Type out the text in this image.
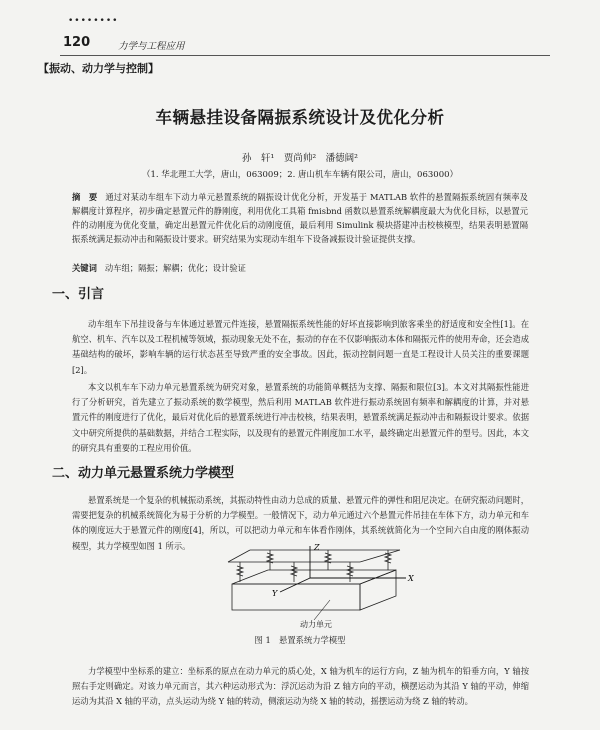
••••••••
120	力学与工程应用
【振动、动力学与控制】
车辆悬挂设备隔振系统设计及优化分析
孙　轩¹　贾尚帅²　潘德阔²
（1. 华北理工大学，唐山，063009；2. 唐山机车车辆有限公司，唐山，063000）
摘　要 通过对某动车组车下动力单元悬置系统的隔振设计优化分析，开发基于 MATLAB 软件的悬置隔振系统固有频率及解耦度计算程序，初步确定悬置元件的静刚度，利用优化工具箱 fmisbnd 函数以悬置系统解耦度最大为优化目标，以悬置元件的动刚度为优化变量，确定出悬置元件优化后的动刚度值，最后利用 Simulink 模块搭建冲击校核模型，结果表明悬置隔振系统满足振动冲击和隔振设计要求。研究结果为实现动车组车下设备减振设计验证提供支撑。
关键词 动车组；隔振；解耦；优化；设计验证
一、引言
动车组车下吊挂设备与车体通过悬置元件连接，悬置隔振系统性能的好坏直接影响到旅客乘坐的舒适度和安全性[1]。在航空、机车、汽车以及工程机械等领域，振动现象无处不在，振动的存在不仅影响振动本体和隔振元件的使用寿命，还会造成基础结构的破坏，影响车辆的运行状态甚至导致严重的安全事故。因此，振动控制问题一直是工程设计人员关注的重要课题[2]。
本文以机车车下动力单元悬置系统为研究对象，悬置系统的功能简单概括为支撑、隔振和限位[3]。本文对其隔振性能进行了分析研究，首先建立了振动系统的数学模型，然后利用 MATLAB 软件进行振动系统固有频率和解耦度的计算，并对悬置元件的刚度进行了优化，最后对优化后的悬置系统进行冲击校核，结果表明，悬置系统满足振动冲击和隔振设计要求。依据文中研究所提供的基础数据，并结合工程实际，以及现有的悬置元件刚度加工水平，最终确定出悬置元件的型号。因此，本文的研究具有重要的工程应用价值。
二、动力单元悬置系统力学模型
悬置系统是一个复杂的机械振动系统，其振动特性由动力总成的质量、悬置元件的弹性和阻尼决定。在研究振动问题时，需要把复杂的机械系统简化为易于分析的力学模型。一般情况下，动力单元通过六个悬置元件吊挂在车体下方，动力单元和车体的刚度远大于悬置元件的刚度[4]，所以，可以把动力单元和车体看作刚体，其系统就简化为一个空间六自由度的刚体振动模型，其力学模型如图 1 所示。	Z
X
Y
动力单元
图 1　悬置系统力学模型
力学模型中坐标系的建立：坐标系的原点在动力单元的质心处，X 轴为机车的运行方向，Z 轴为机车的铅垂方向，Y 轴按照右手定则确定。对该力单元而言，其六种运动形式为：浮沉运动为沿 Z 轴方向的平动，横摆运动为其沿 Y 轴的平动，伸缩运动为其沿 X 轴的平动，点头运动为绕 Y 轴的转动，侧滚运动为绕 X 轴的转动，摇摆运动为绕 Z 轴的转动。
